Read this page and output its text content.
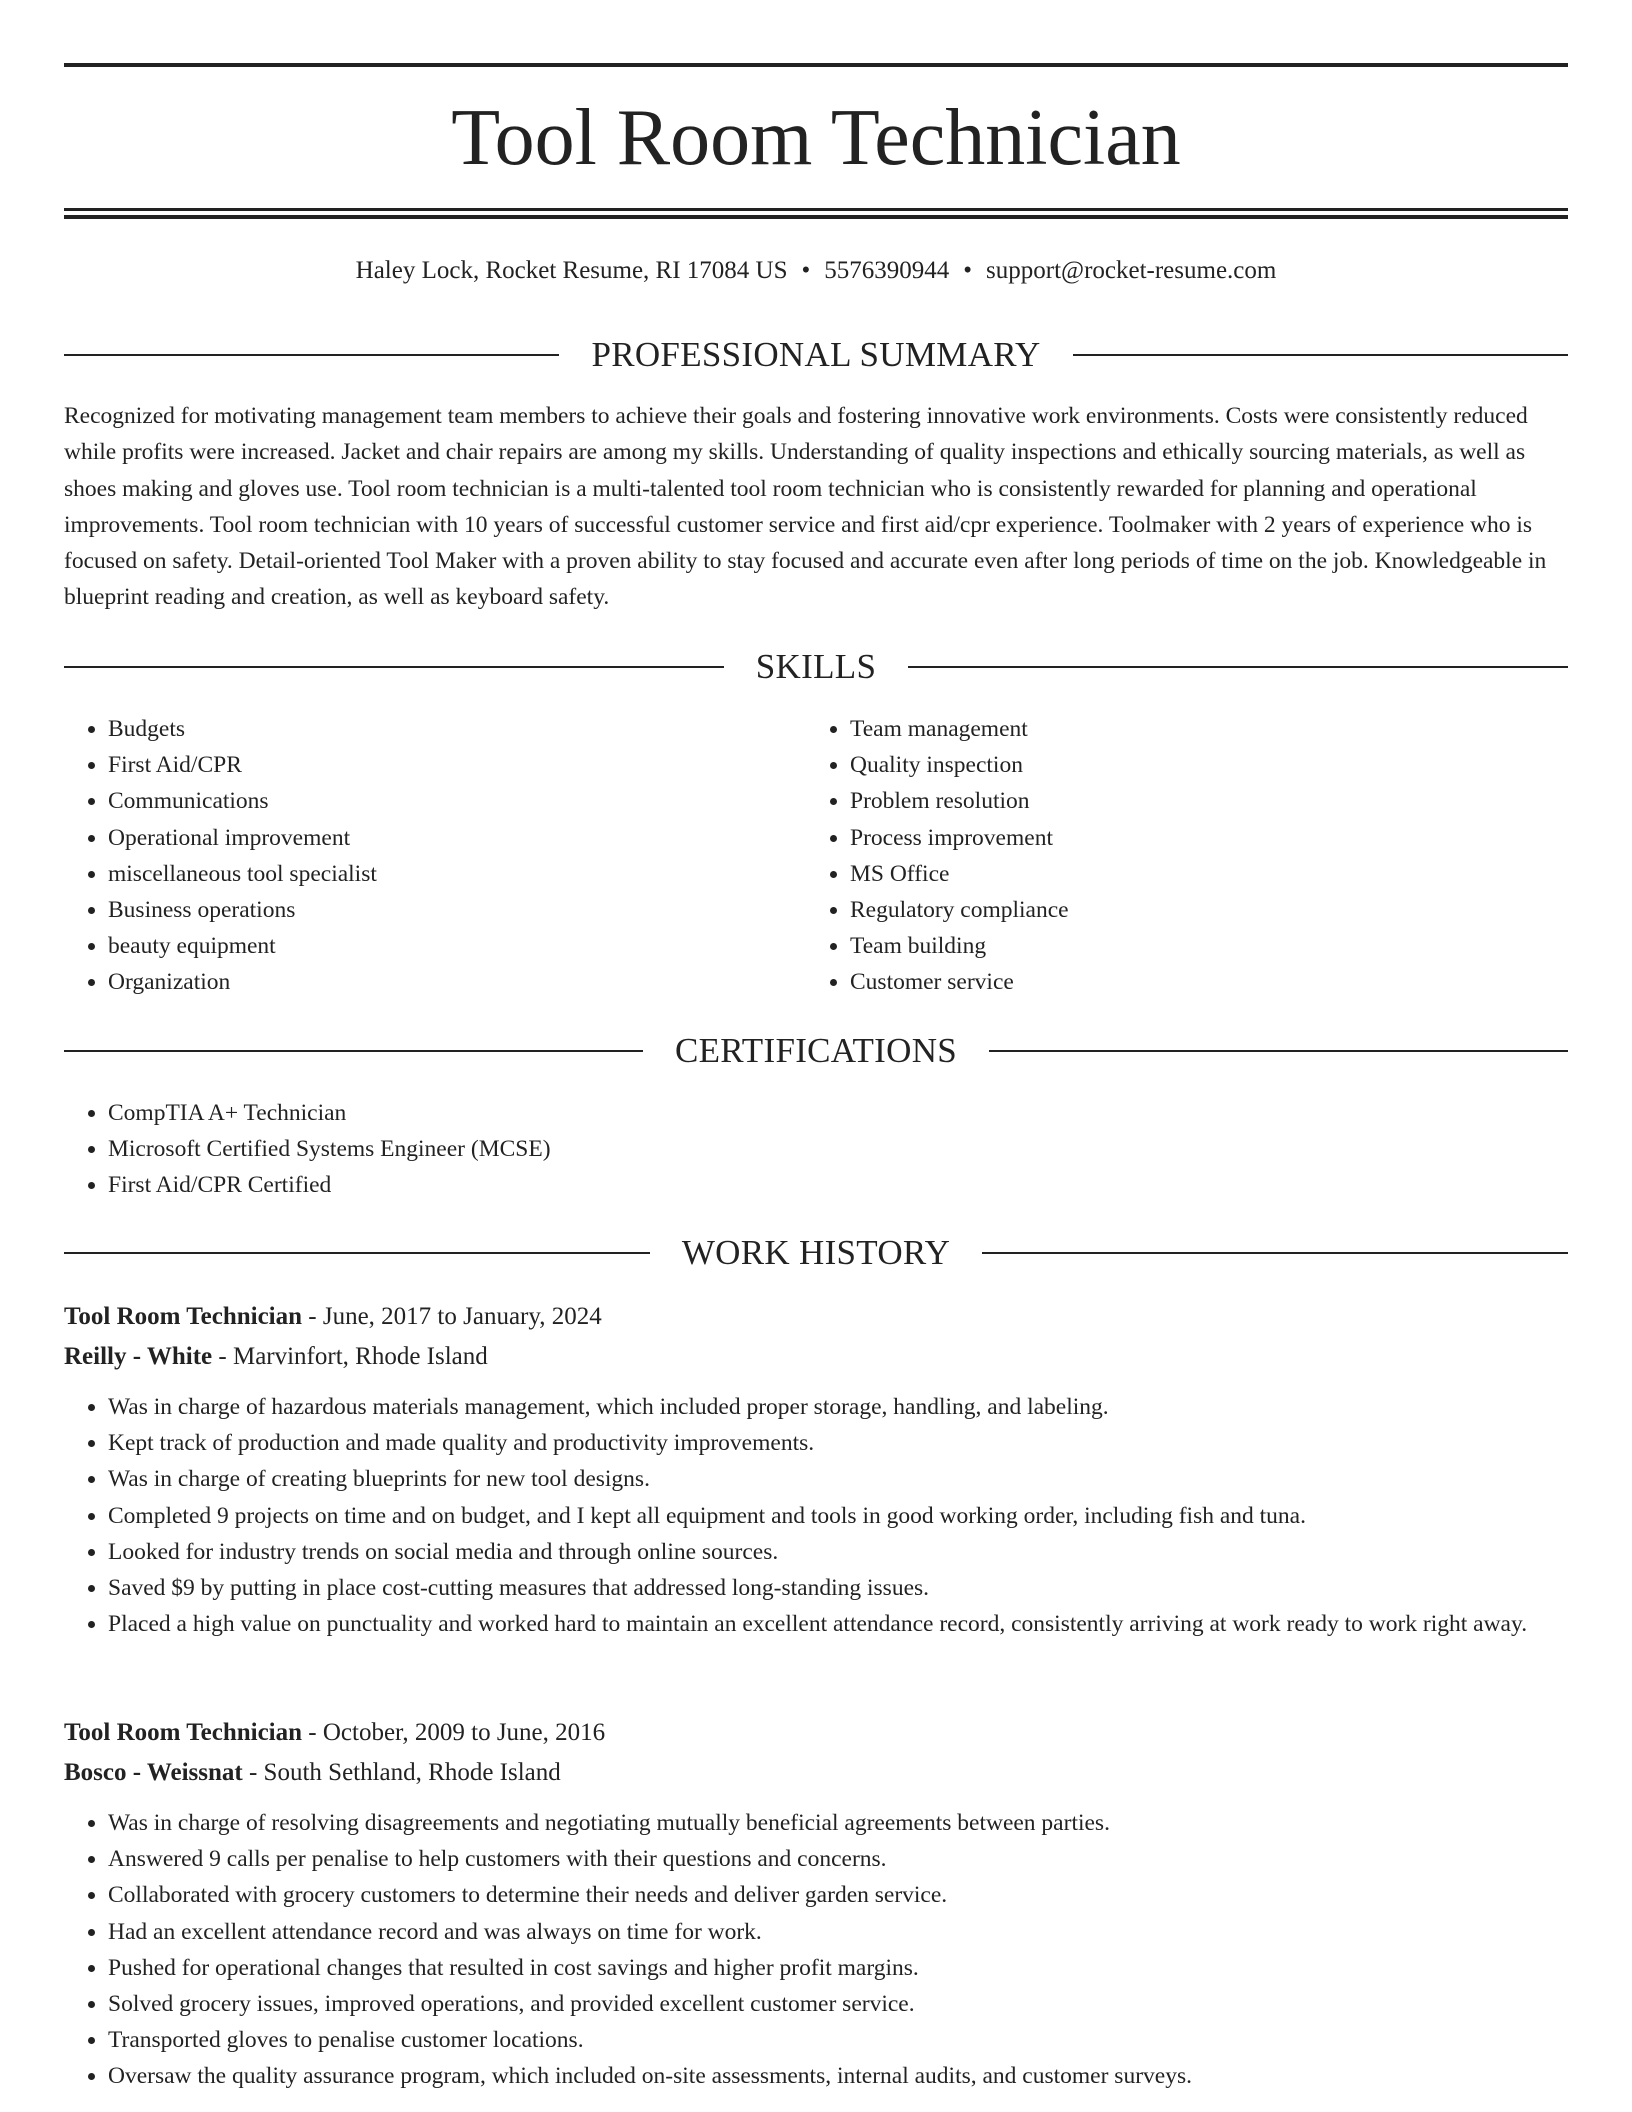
Tool Room Technician
Haley Lock, Rocket Resume, RI 17084 US • 5576390944 • support@rocket-resume.com
PROFESSIONAL SUMMARY

Recognized for motivating management team members to achieve their goals and fostering innovative work environments. Costs were consistently reduced while profits were increased. Jacket and chair repairs are among my skills. Understanding of quality inspections and ethically sourcing materials, as well as shoes making and gloves use. Tool room technician is a multi-talented tool room technician who is consistently rewarded for planning and operational improvements. Tool room technician with 10 years of successful customer service and first aid/cpr experience. Toolmaker with 2 years of experience who is focused on safety. Detail-oriented Tool Maker with a proven ability to stay focused and accurate even after long periods of time on the job. Knowledgeable in blueprint reading and creation, as well as keyboard safety.

SKILLS
• Budgets
• First Aid/CPR
• Communications
• Operational improvement
• miscellaneous tool specialist
• Business operations
• beauty equipment
• Organization
• Team management
• Quality inspection
• Problem resolution
• Process improvement
• MS Office
• Regulatory compliance
• Team building
• Customer service
CERTIFICATIONS
• CompTIA A+ Technician
• Microsoft Certified Systems Engineer (MCSE)
• First Aid/CPR Certified
WORK HISTORY
Tool Room Technician - June, 2017 to January, 2024
Reilly - White - Marvinfort, Rhode Island
• Was in charge of hazardous materials management, which included proper storage, handling, and labeling.
• Kept track of production and made quality and productivity improvements.
• Was in charge of creating blueprints for new tool designs.
• Completed 9 projects on time and on budget, and I kept all equipment and tools in good working order, including fish and tuna.
• Looked for industry trends on social media and through online sources.
• Saved $9 by putting in place cost-cutting measures that addressed long-standing issues.
• Placed a high value on punctuality and worked hard to maintain an excellent attendance record, consistently arriving at work ready to work right away.
Tool Room Technician - October, 2009 to June, 2016
Bosco - Weissnat - South Sethland, Rhode Island
• Was in charge of resolving disagreements and negotiating mutually beneficial agreements between parties.
• Answered 9 calls per penalise to help customers with their questions and concerns.
• Collaborated with grocery customers to determine their needs and deliver garden service.
• Had an excellent attendance record and was always on time for work.
• Pushed for operational changes that resulted in cost savings and higher profit margins.
• Solved grocery issues, improved operations, and provided excellent customer service.
• Transported gloves to penalise customer locations.
• Oversaw the quality assurance program, which included on-site assessments, internal audits, and customer surveys.
